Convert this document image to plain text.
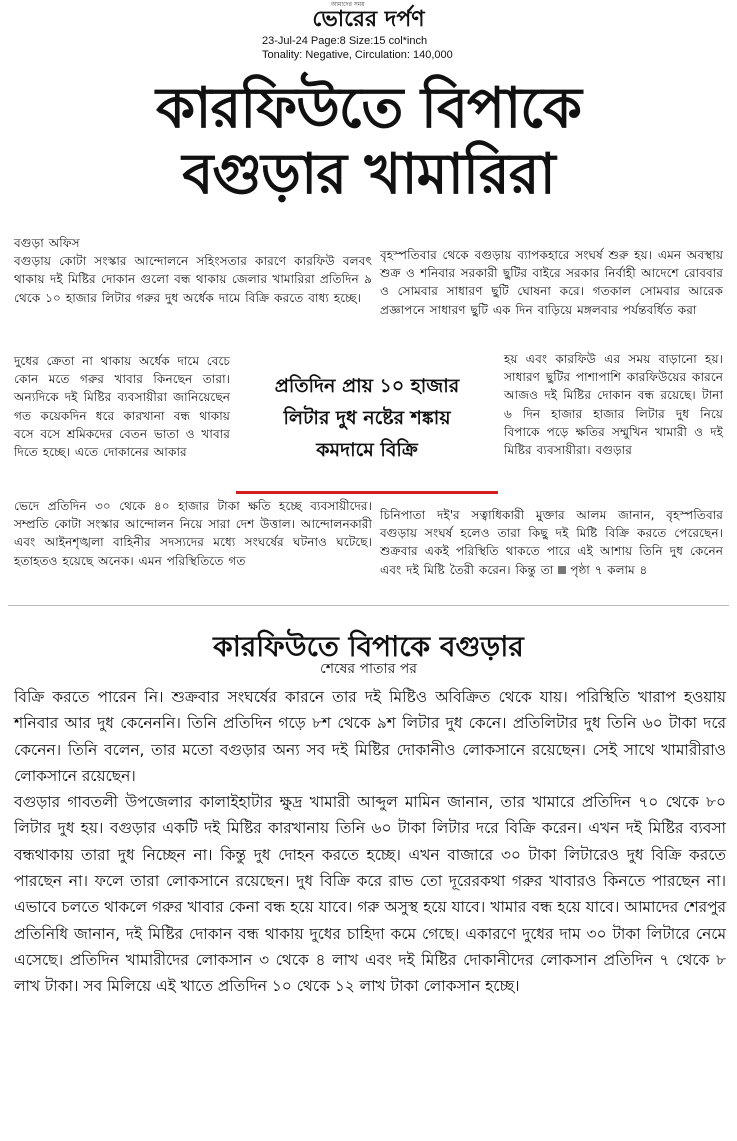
ভোরের দর্পণ
আমাদের সময়
23-Jul-24 Page:8 Size:15 col*inch
Tonality: Negative, Circulation: 140,000
কারফিউতে বিপাকে
বগুড়ার খামারিরা
বগুড়া অফিস
বগুড়ায় কোটা সংস্কার আন্দোলনে সহিংসতার কারণে কারফিউ বলবৎ থাকায় দই মিষ্টির দোকান গুলো বন্ধ থাকায় জেলার খামারিরা প্রতিদিন ৯ থেকে ১০ হাজার লিটার গরুর দুধ অর্ধেক দামে বিক্রি করতে বাধ্য হচ্ছে।
দুধের ক্রেতা না থাকায় অর্ধেক দামে বেচে কোন মতে গরুর খাবার কিনছেন তারা। অন্যদিকে দই মিষ্টির ব্যবসায়ীরা জানিয়েছেন গত কয়েকদিন ধরে কারখানা বন্ধ থাকায় বসে বসে শ্রমিকদের বেতন ভাতা ও খাবার দিতে হচ্ছে। এতে দোকানের আকার
ভেদে প্রতিদিন ৩০ থেকে ৪০ হাজার টাকা ক্ষতি হচ্ছে ব্যবসায়ীদের। সম্প্রতি কোটা সংস্কার আন্দোলন নিয়ে সারা দেশ উত্তাল। আন্দোলনকারী এবং আইনশৃঙ্খলা বাহিনীর সদস্যদের মধ্যে সংঘর্ষের ঘটনাও ঘটেছে। হতাহতও হয়েছে অনেক। এমন পরিস্থিতিতে গত
বৃহস্পতিবার থেকে বগুড়ায় ব্যাপকহারে সংঘর্ষ শুরু হয়। এমন অবস্থায় শুক্র ও শনিবার সরকারী ছুটির বাইরে সরকার নির্বাহী আদেশে রোববার ও সোমবার সাধারণ ছুটি ঘোষনা করে। গতকাল সোমবার আরেক প্রজ্ঞাপনে সাধারণ ছুটি এক দিন বাড়িয়ে মঙ্গলবার পর্যন্তবর্ধিত করা
হয় এবং কারফিউ এর সময় বাড়ানো হয়। সাধারণ ছুটির পাশাপাশি কারফিউয়ের কারনে আজও দই মিষ্টির দোকান বন্ধ রয়েছে। টানা ৬ দিন হাজার হাজার লিটার দুধ নিয়ে বিপাকে পড়ে ক্ষতির সম্মুখিন খামারী ও দই মিষ্টির ব্যবসায়ীরা। বগুড়ার
চিনিপাতা দই'র সত্বাধিকারী মুক্তার আলম জানান, বৃহস্পতিবার বগুড়ায় সংঘর্ষ হলেও তারা কিছু দই মিষ্টি বিক্রি করতে পেরেছেন। শুক্রবার একই পরিস্থিতি থাকতে পারে এই আশায় তিনি দুধ কেনেন এবং দই মিষ্টি তৈরী করেন। কিন্তু তা পৃষ্ঠা ৭ কলাম ৪
প্রতিদিন প্রায় ১০ হাজার
লিটার দুধ নষ্টের শঙ্কায়
কমদামে বিক্রি
কারফিউতে বিপাকে বগুড়ার
শেষের পাতার পর

বিক্রি করতে পারেন নি। শুক্রবার সংঘর্ষের কারনে তার দই মিষ্টিও অবিক্রিত থেকে যায়। পরিস্থিতি খারাপ হওয়ায় শনিবার আর দুধ কেনেননি। তিনি প্রতিদিন গড়ে ৮শ থেকে ৯শ লিটার দুধ কেনে। প্রতিলিটার দুধ তিনি ৬০ টাকা দরে কেনেন। তিনি বলেন, তার মতো বগুড়ার অন্য সব দই মিষ্টির দোকানীও লোকসানে রয়েছেন। সেই সাথে খামারীরাও লোকসানে রয়েছেন।

বগুড়ার গাবতলী উপজেলার কালাইহাটার ক্ষুদ্র খামারী আব্দুল মামিন জানান, তার খামারে প্রতিদিন ৭০ থেকে ৮০ লিটার দুধ হয়। বগুড়ার একটি দই মিষ্টির কারখানায় তিনি ৬০ টাকা লিটার দরে বিক্রি করেন। এখন দই মিষ্টির ব্যবসা বন্ধথাকায় তারা দুধ নিচ্ছেন না। কিন্তু দুধ দোহন করতে হচ্ছে। এখন বাজারে ৩০ টাকা লিটারেও দুধ বিক্রি করতে পারছেন না। ফলে তারা লোকসানে রয়েছেন। দুধ বিক্রি করে রাভ তো দূরেরকথা গরুর খাবারও কিনতে পারছেন না। এভাবে চলতে থাকলে গরুর খাবার কেনা বন্ধ হয়ে যাবে। গরু অসুস্থ হয়ে যাবে। খামার বন্ধ হয়ে যাবে। আমাদের শেরপুর প্রতিনিধি জানান, দই মিষ্টির দোকান বন্ধ থাকায় দুধের চাহিদা কমে গেছে। একারণে দুধের দাম ৩০ টাকা লিটারে নেমে এসেছে। প্রতিদিন খামারীদের লোকসান ৩ থেকে ৪ লাখ এবং দই মিষ্টির দোকানীদের লোকসান প্রতিদিন ৭ থেকে ৮ লাখ টাকা। সব মিলিয়ে এই খাতে প্রতিদিন ১০ থেকে ১২ লাখ টাকা লোকসান হচ্ছে।
